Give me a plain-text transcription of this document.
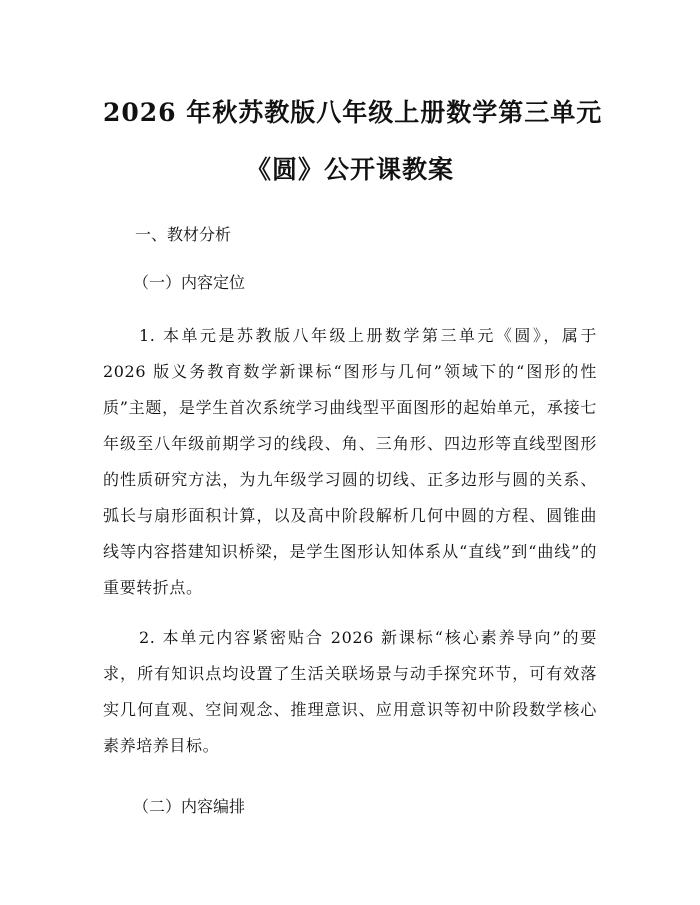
2026 年秋苏教版八年级上册数学第三单元
《圆》公开课教案

一、教材分析

（一）内容定位

1. 本单元是苏教版八年级上册数学第三单元《圆》，属于 2026 版义务教育数学新课标“图形与几何”领域下的“图形的性质”主题，是学生首次系统学习曲线型平面图形的起始单元，承接七年级至八年级前期学习的线段、角、三角形、四边形等直线型图形的性质研究方法，为九年级学习圆的切线、正多边形与圆的关系、弧长与扇形面积计算，以及高中阶段解析几何中圆的方程、圆锥曲线等内容搭建知识桥梁，是学生图形认知体系从“直线”到“曲线”的重要转折点。

2. 本单元内容紧密贴合 2026 新课标“核心素养导向”的要求，所有知识点均设置了生活关联场景与动手探究环节，可有效落实几何直观、空间观念、推理意识、应用意识等初中阶段数学核心素养培养目标。

（二）内容编排
